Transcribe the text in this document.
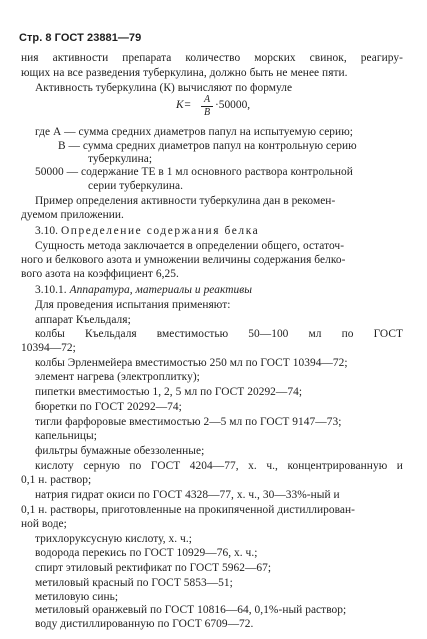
Стр. 8 ГОСТ 23881—79
ния активности препарата количество морских свинок, реагиру-
ющих на все разведения туберкулина, должно быть не менее пяти.
Активность туберкулина (К) вычисляют по формуле
K= A
B
·50000,
где А — сумма средних диаметров папул на испытуемую серию;
В — сумма средних диаметров папул на контрольную серию
туберкулина;
50000 — содержание ТЕ в 1 мл основного раствора контрольной
серии туберкулина.
Пример определения активности туберкулина дан в рекомен-
дуемом приложении.
3.10. Определение содержания белка
Сущность метода заключается в определении общего, остаточ-
ного и белкового азота и умножении величины содержания белко-
вого азота на коэффициент 6,25.
3.10.1. Аппаратура, материалы и реактивы
Для проведения испытания применяют:
аппарат Къельдаля;
колбы Къельдаля вместимостью 50—100 мл по ГОСТ
10394—72;
колбы Эрленмейера вместимостью 250 мл по ГОСТ 10394—72;
элемент нагрева (электроплитку);
пипетки вместимостью 1, 2, 5 мл по ГОСТ 20292—74;
бюретки по ГОСТ 20292—74;
тигли фарфоровые вместимостью 2—5 мл по ГОСТ 9147—73;
капельницы;
фильтры бумажные обеззоленные;
кислоту серную по ГОСТ 4204—77, х. ч., концентрированную и
0,1 н. раствор;
натрия гидрат окиси по ГОСТ 4328—77, х. ч., 30—33%-ный и
0,1 н. растворы, приготовленные на прокипяченной дистиллирован-
ной воде;
трихлоруксусную кислоту, х. ч.;
водорода перекись по ГОСТ 10929—76, х. ч.;
спирт этиловый ректификат по ГОСТ 5962—67;
метиловый красный по ГОСТ 5853—51;
метиловую синь;
метиловый оранжевый по ГОСТ 10816—64, 0,1%-ный раствор;
воду дистиллированную по ГОСТ 6709—72.
